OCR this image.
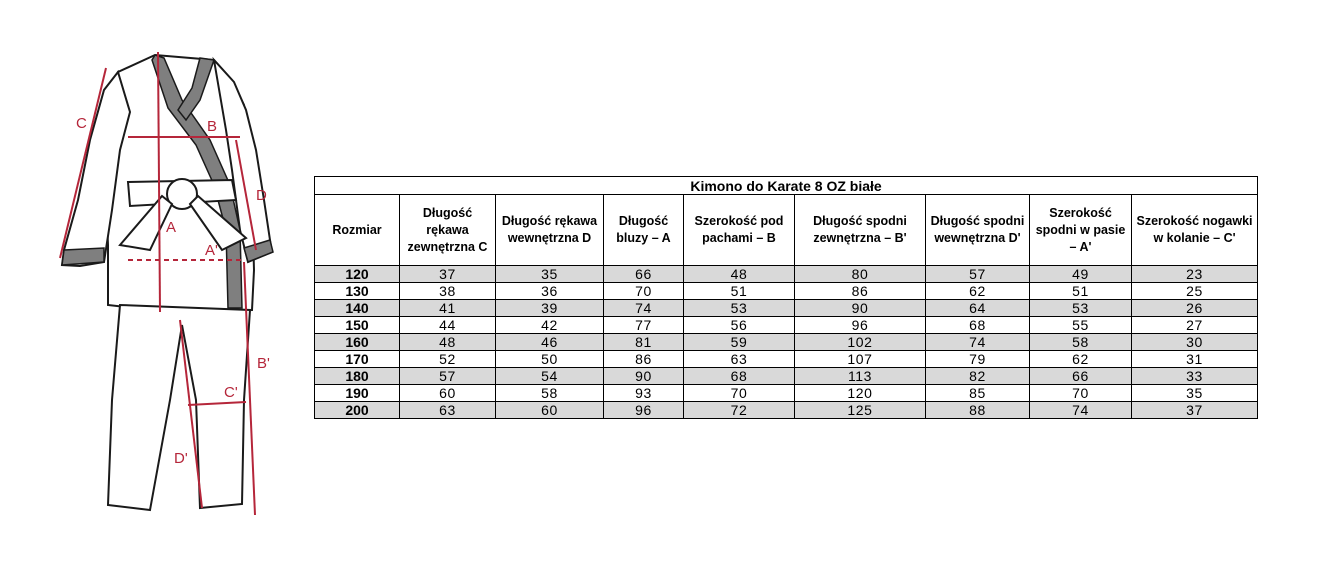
C	B
D
A
A'
B'
C'
D'
Kimono do Karate 8 OZ białe								
Rozmiar	Długość rękawa zewnętrzna C	Długość rękawa wewnętrzna D	Długość bluzy – A	Szerokość pod pachami – B	Długość spodni zewnętrzna – B'	Długość spodni wewnętrzna D'	Szerokość spodni w pasie – A'	Szerokość nogawki w kolanie – C'
120	37	35	66	48	80	57	49	23
130	38	36	70	51	86	62	51	25
140	41	39	74	53	90	64	53	26
150	44	42	77	56	96	68	55	27
160	48	46	81	59	102	74	58	30
170	52	50	86	63	107	79	62	31
180	57	54	90	68	113	82	66	33
190	60	58	93	70	120	85	70	35
200	63	60	96	72	125	88	74	37
